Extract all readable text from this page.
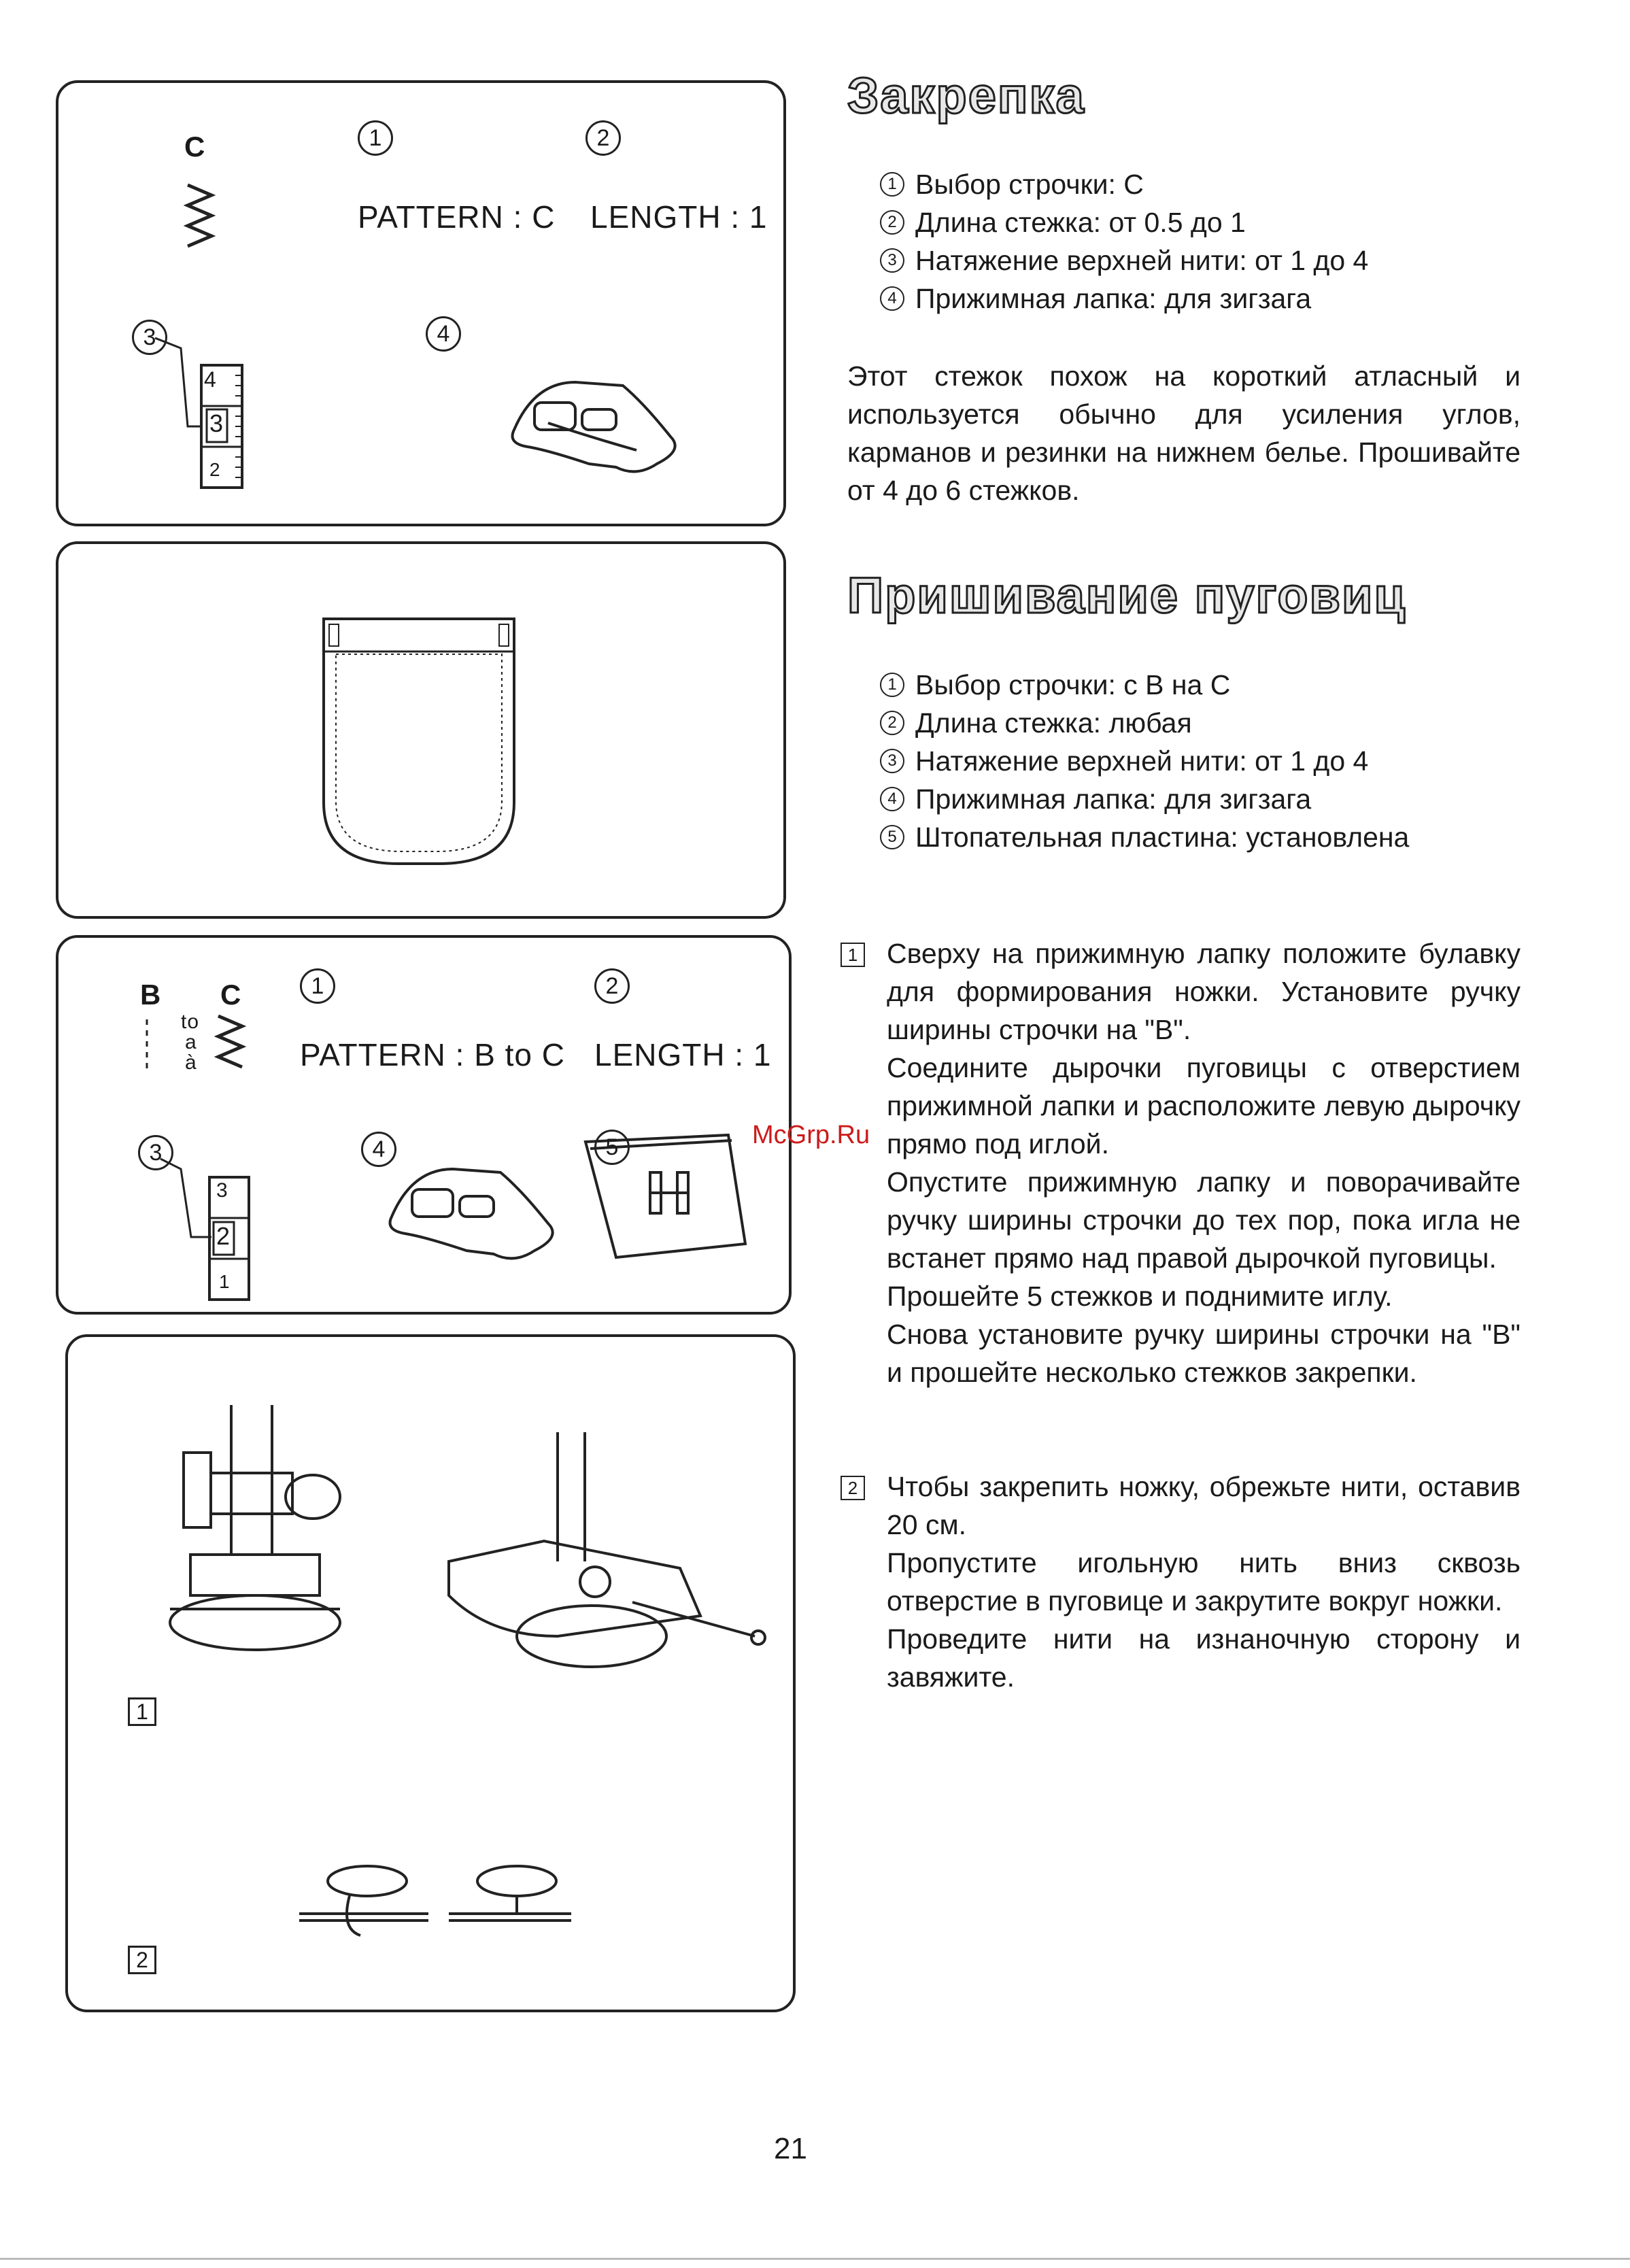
C	1	2
3	4
PATTERN : C LENGTH : 1
4
3
2
B C
to
a
à
1	2
3	4	5
PATTERN : B to C LENGTH : 1
3
2
1
1
2
Закрепка
1 Выбор строчки: C
2 Длина стежка: от 0.5 до 1
3 Натяжение верхней нити: от 1 до 4
4 Прижимная лапка: для зигзага
Этот стежок похож на короткий атласный и используется обычно для усиления углов, карманов и резинки на нижнем белье. Прошивайте от 4 до 6 стежков.
Пришивание пуговиц
1 Выбор строчки: с B на C
2 Длина стежка: любая
3 Натяжение верхней нити: от 1 до 4
4 Прижимная лапка: для зигзага
5 Штопательная пластина: установлена
1 Сверху на прижимную лапку положите булавку для формирования ножки. Установите ручку ширины строчки на "B".

Соедините дырочки пуговицы с отверстием прижимной лапки и расположите левую дырочку прямо под иглой.

Опустите прижимную лапку и поворачивайте ручку ширины строчки до тех пор, пока игла не встанет прямо над правой дырочкой пуговицы.

Прошейте 5 стежков и поднимите иглу.

Снова установите ручку ширины строчки на "B" и прошейте несколько стежков закрепки.

2 Чтобы закрепить ножку, обрежьте нити, оставив 20 см.

Пропустите игольную нить вниз сквозь отверстие в пуговице и закрутите вокруг ножки.

Проведите нити на изнаночную сторону и завяжите.

McGrp.Ru
21
